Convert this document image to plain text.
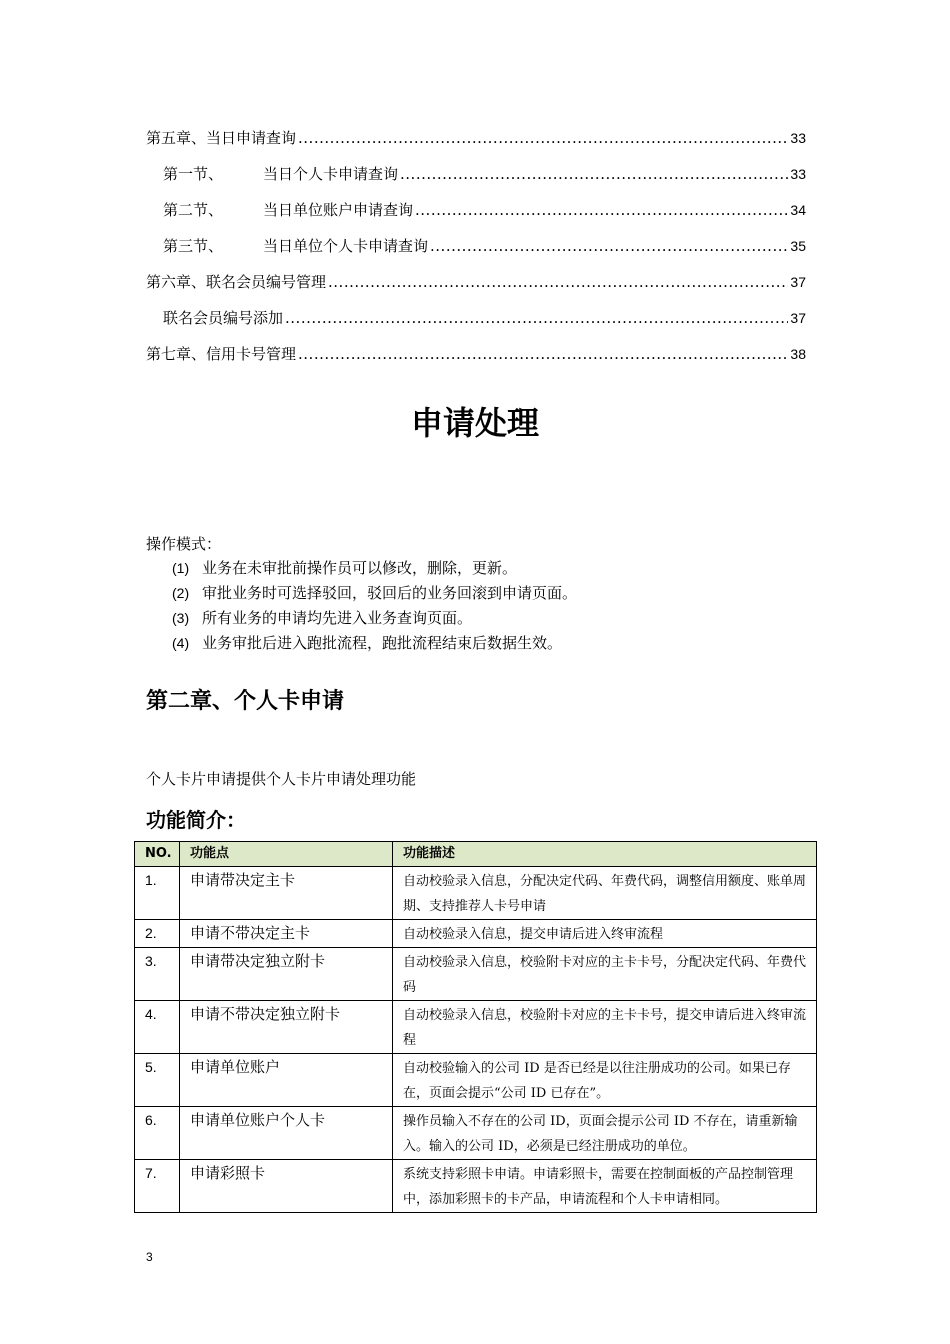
第五章、当日申请查询 .....	33
第一节、	当日个人卡申请查询 .....	33
第二节、	当日单位账户申请查询 .....	34
第三节、	当日单位个人卡申请查询 .....	35
第六章、联名会员编号管理 .....	37
联名会员编号添加 .....	37
第七章、信用卡号管理 .....	38
申请处理
操作模式：
(1) 业务在未审批前操作员可以修改，删除，更新。
(2) 审批业务时可选择驳回，驳回后的业务回滚到申请页面。
(3) 所有业务的申请均先进入业务查询页面。
(4) 业务审批后进入跑批流程，跑批流程结束后数据生效。
第二章、个人卡申请
个人卡片申请提供个人卡片申请处理功能
功能简介：
NO.	功能点	功能描述
1.	申请带决定主卡	自动校验录入信息，分配决定代码、年费代码，调整信用额度、账单周期、支持推荐人卡号申请
2.	申请不带决定主卡	自动校验录入信息，提交申请后进入终审流程
3.	申请带决定独立附卡	自动校验录入信息，校验附卡对应的主卡卡号，分配决定代码、年费代码
4.	申请不带决定独立附卡	自动校验录入信息，校验附卡对应的主卡卡号，提交申请后进入终审流程
5.	申请单位账户	自动校验输入的公司 ID 是否已经是以往注册成功的公司。如果已存在，页面会提示“公司 ID 已存在”。
6.	申请单位账户个人卡	操作员输入不存在的公司 ID，页面会提示公司 ID 不存在，请重新输入。输入的公司 ID，必须是已经注册成功的单位。
7.	申请彩照卡	系统支持彩照卡申请。申请彩照卡，需要在控制面板的产品控制管理中，添加彩照卡的卡产品，申请流程和个人卡申请相同。
3
